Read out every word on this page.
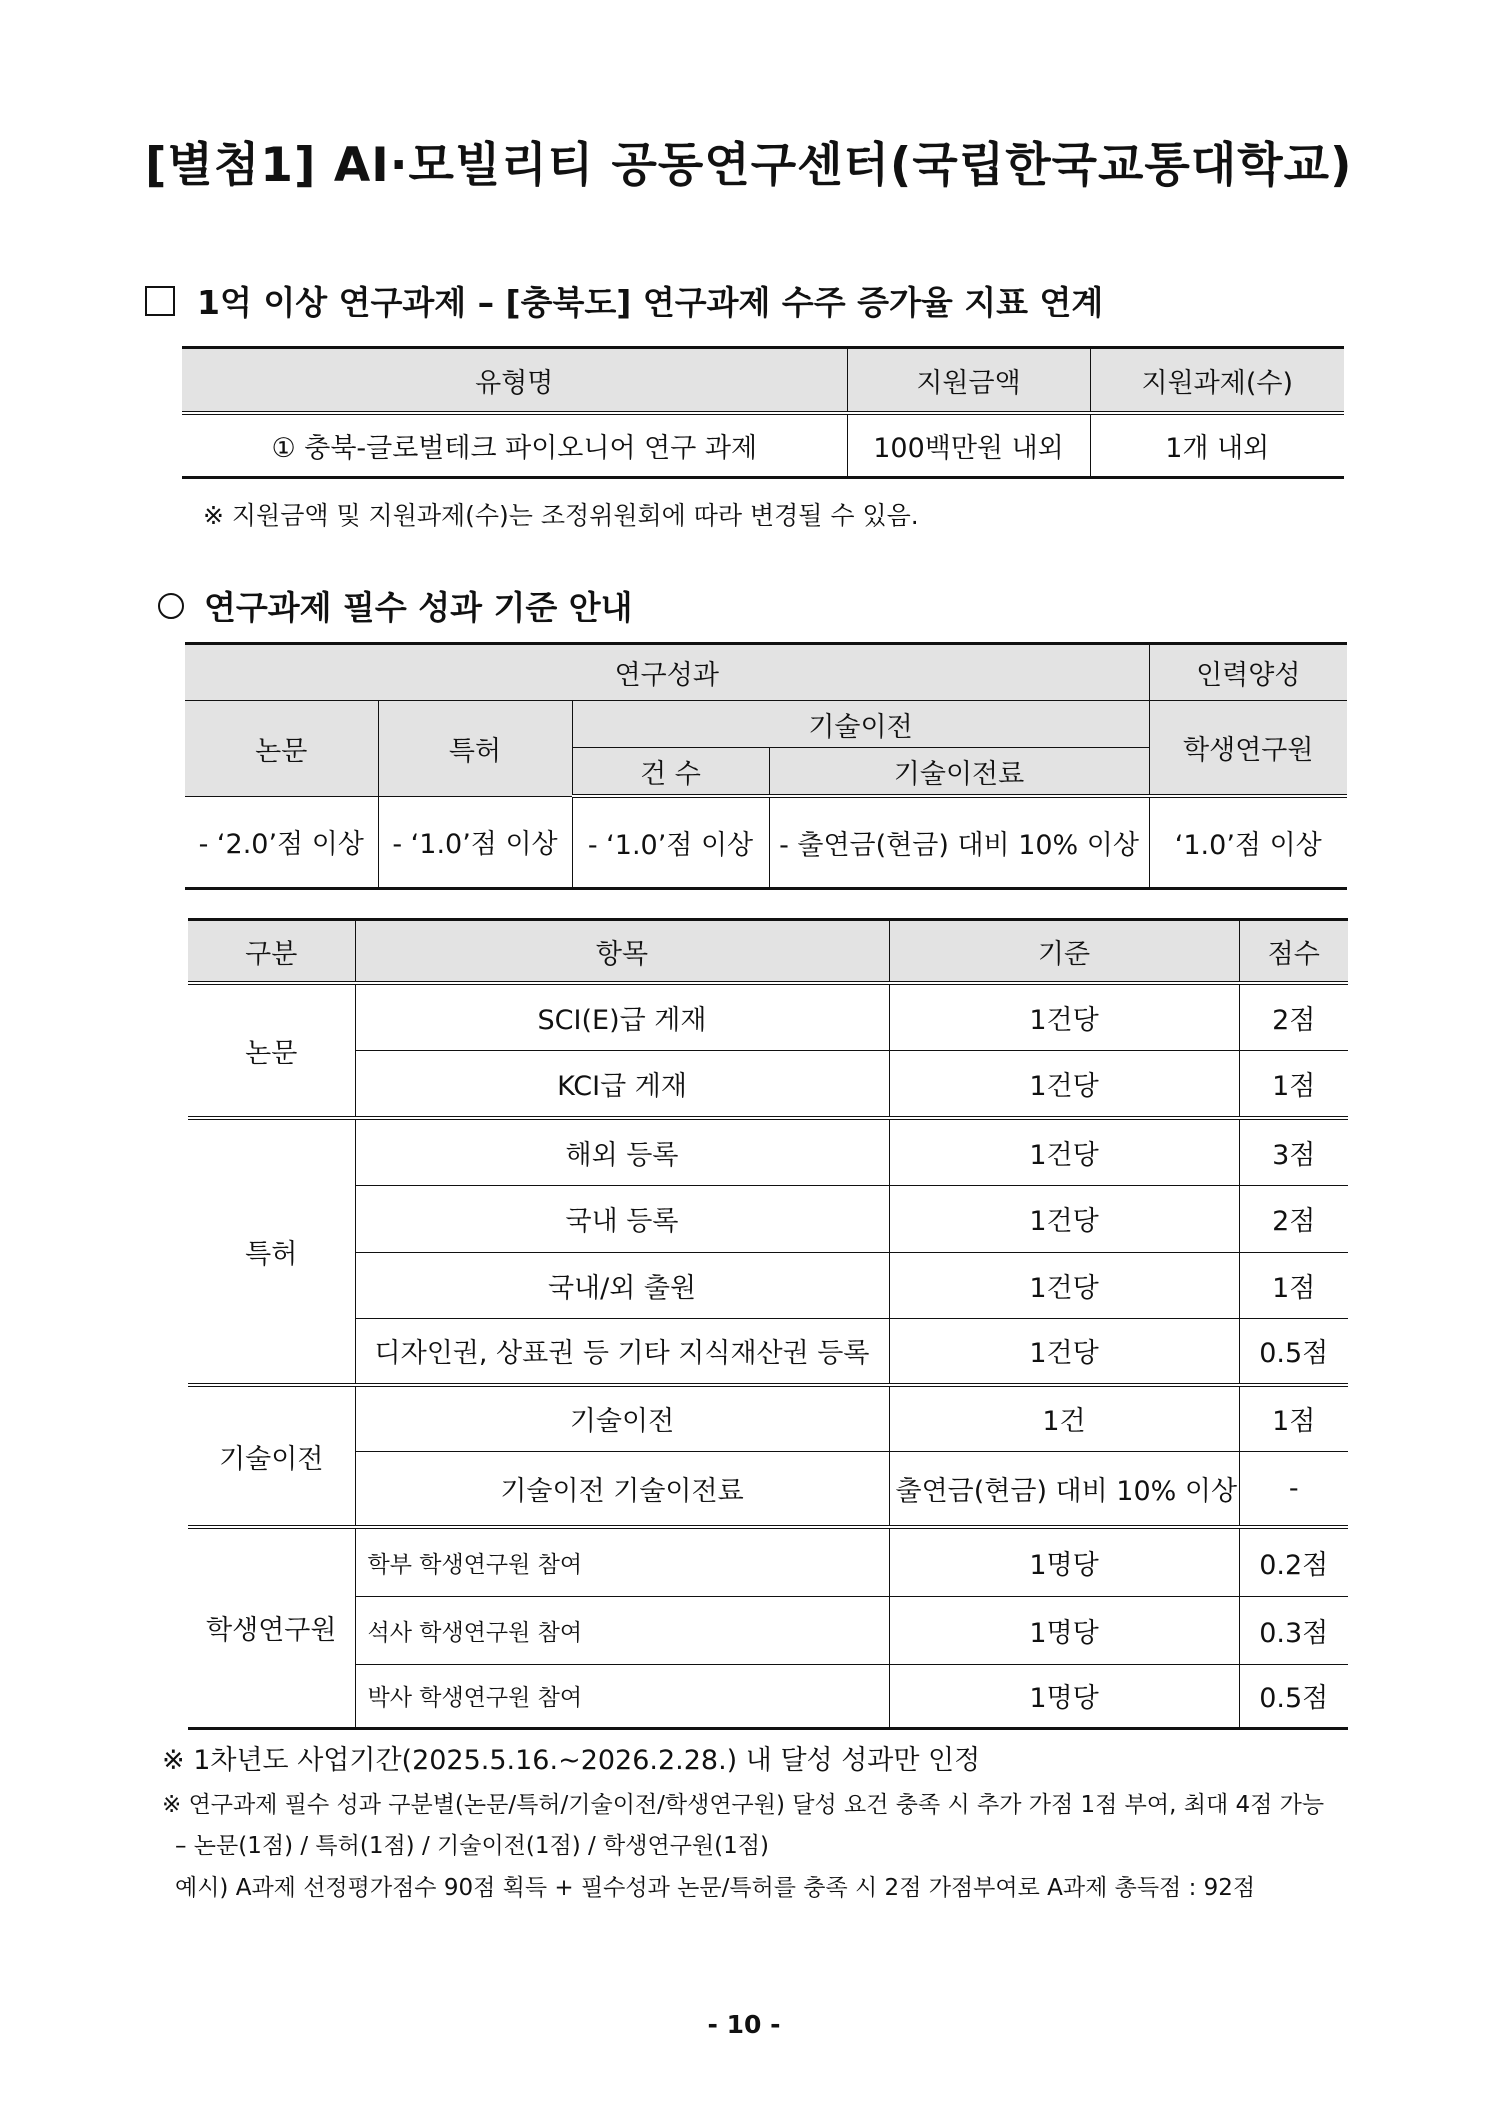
[별첨1] AI·모빌리티 공동연구센터(국립한국교통대학교)
1억 이상 연구과제 – [충북도] 연구과제 수주 증가율 지표 연계
유형명	지원금액	지원과제(수)
① 충북-글로벌테크 파이오니어 연구 과제	100백만원 내외	1개 내외
※ 지원금액 및 지원과제(수)는 조정위원회에 따라 변경될 수 있음.
연구과제 필수 성과 기준 안내
연구성과				인력양성
논문	특허	기술이전		학생연구원
		건 수	기술이전료	
- ‘2.0’점 이상	- ‘1.0’점 이상	- ‘1.0’점 이상	- 출연금(현금) 대비 10% 이상	‘1.0’점 이상
구분	항목	기준	점수
논문	SCI(E)급 게재	1건당	2점
	KCI급 게재	1건당	1점
특허	해외 등록	1건당	3점
	국내 등록	1건당	2점
	국내/외 출원	1건당	1점
	디자인권, 상표권 등 기타 지식재산권 등록	1건당	0.5점
기술이전	기술이전	1건	1점
	기술이전 기술이전료	출연금(현금) 대비 10% 이상	-
학생연구원	학부 학생연구원 참여	1명당	0.2점
	석사 학생연구원 참여	1명당	0.3점
	박사 학생연구원 참여	1명당	0.5점
※ 1차년도 사업기간(2025.5.16.~2026.2.28.) 내 달성 성과만 인정
※ 연구과제 필수 성과 구분별(논문/특허/기술이전/학생연구원) 달성 요건 충족 시 추가 가점 1점 부여, 최대 4점 가능
– 논문(1점) / 특허(1점) / 기술이전(1점) / 학생연구원(1점)
예시) A과제 선정평가점수 90점 획득 + 필수성과 논문/특허를 충족 시 2점 가점부여로 A과제 총득점 : 92점
- 10 -
